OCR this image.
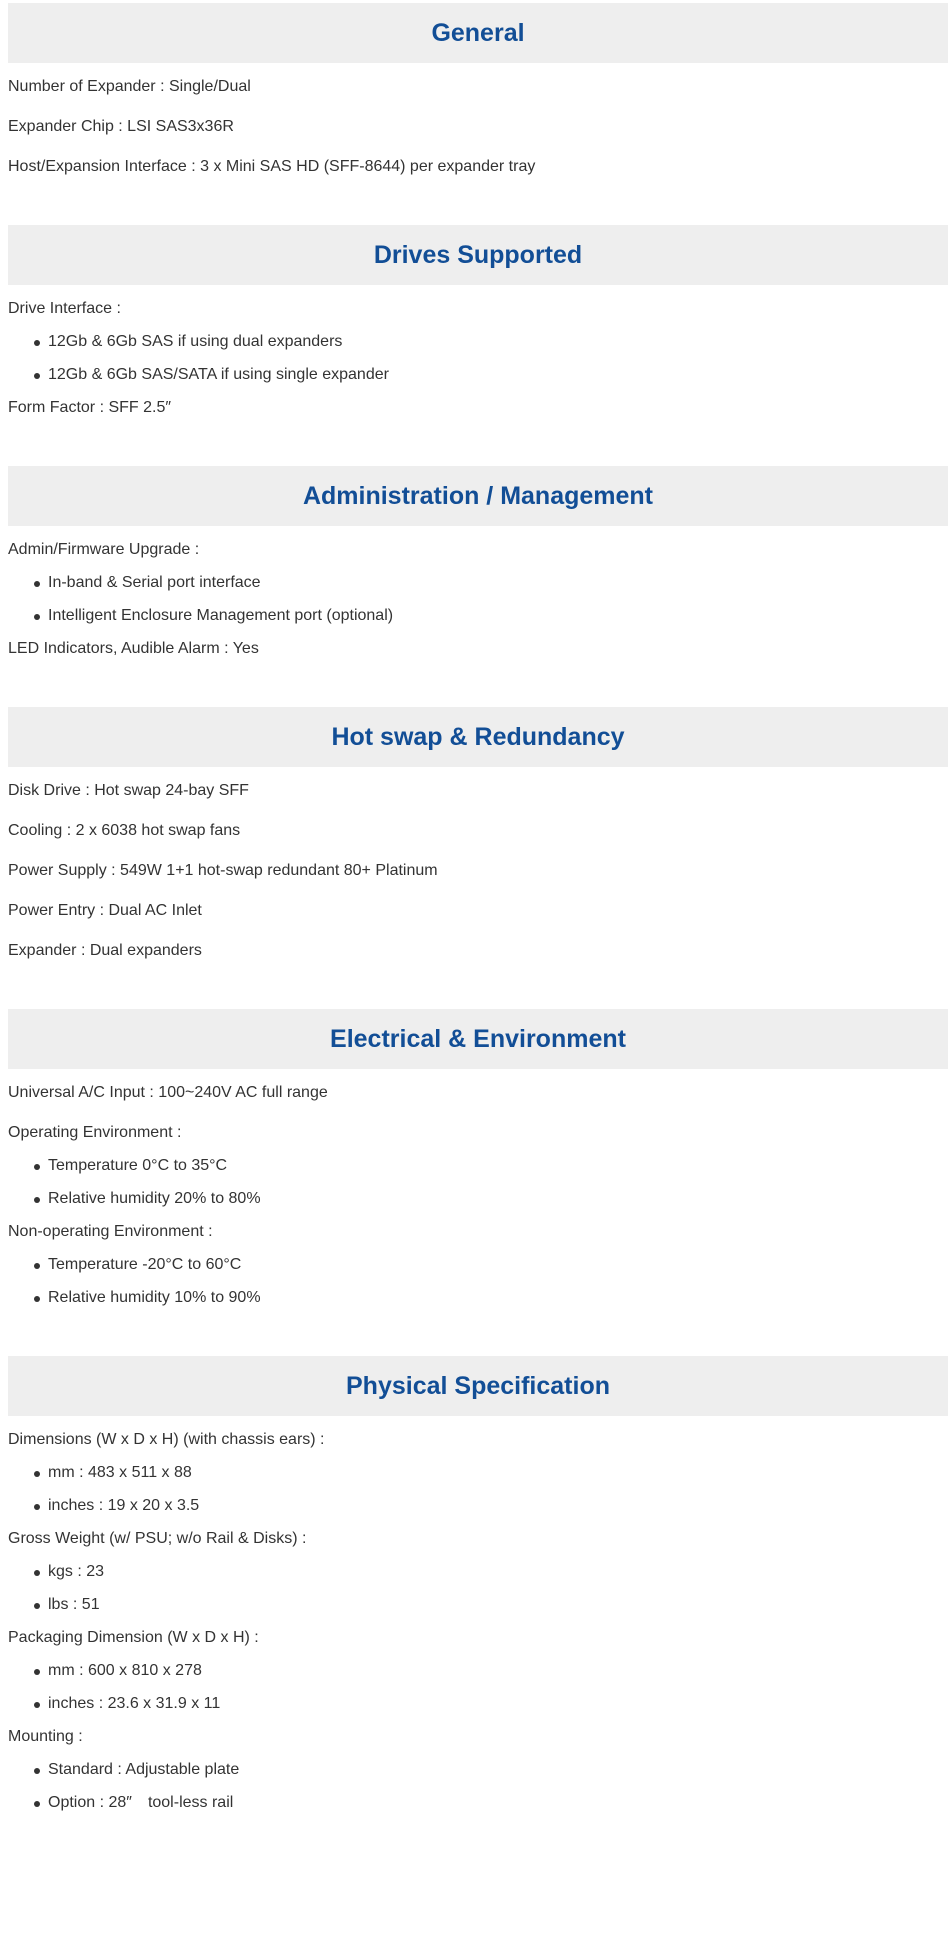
General

Number of Expander : Single/Dual

Expander Chip : LSI SAS3x36R

Host/Expansion Interface : 3 x Mini SAS HD (SFF-8644) per expander tray

Drives Supported

Drive Interface :

12Gb & 6Gb SAS if using dual expanders
12Gb & 6Gb SAS/SATA if using single expander

Form Factor : SFF 2.5″

Administration / Management

Admin/Firmware Upgrade :

In-band & Serial port interface
Intelligent Enclosure Management port (optional)

LED Indicators, Audible Alarm : Yes

Hot swap & Redundancy

Disk Drive : Hot swap 24-bay SFF

Cooling : 2 x 6038 hot swap fans

Power Supply : 549W 1+1 hot-swap redundant 80+ Platinum

Power Entry : Dual AC Inlet

Expander : Dual expanders

Electrical & Environment

Universal A/C Input : 100~240V AC full range

Operating Environment :

Temperature 0°C to 35°C
Relative humidity 20% to 80%

Non-operating Environment :

Temperature -20°C to 60°C
Relative humidity 10% to 90%
Physical Specification

Dimensions (W x D x H) (with chassis ears) :

mm : 483 x 511 x 88
inches : 19 x 20 x 3.5

Gross Weight (w/ PSU; w/o Rail & Disks) :

kgs : 23
lbs : 51

Packaging Dimension (W x D x H) :

mm : 600 x 810 x 278
inches : 23.6 x 31.9 x 11

Mounting :

Standard : Adjustable plate
Option : 28″　tool-less rail
